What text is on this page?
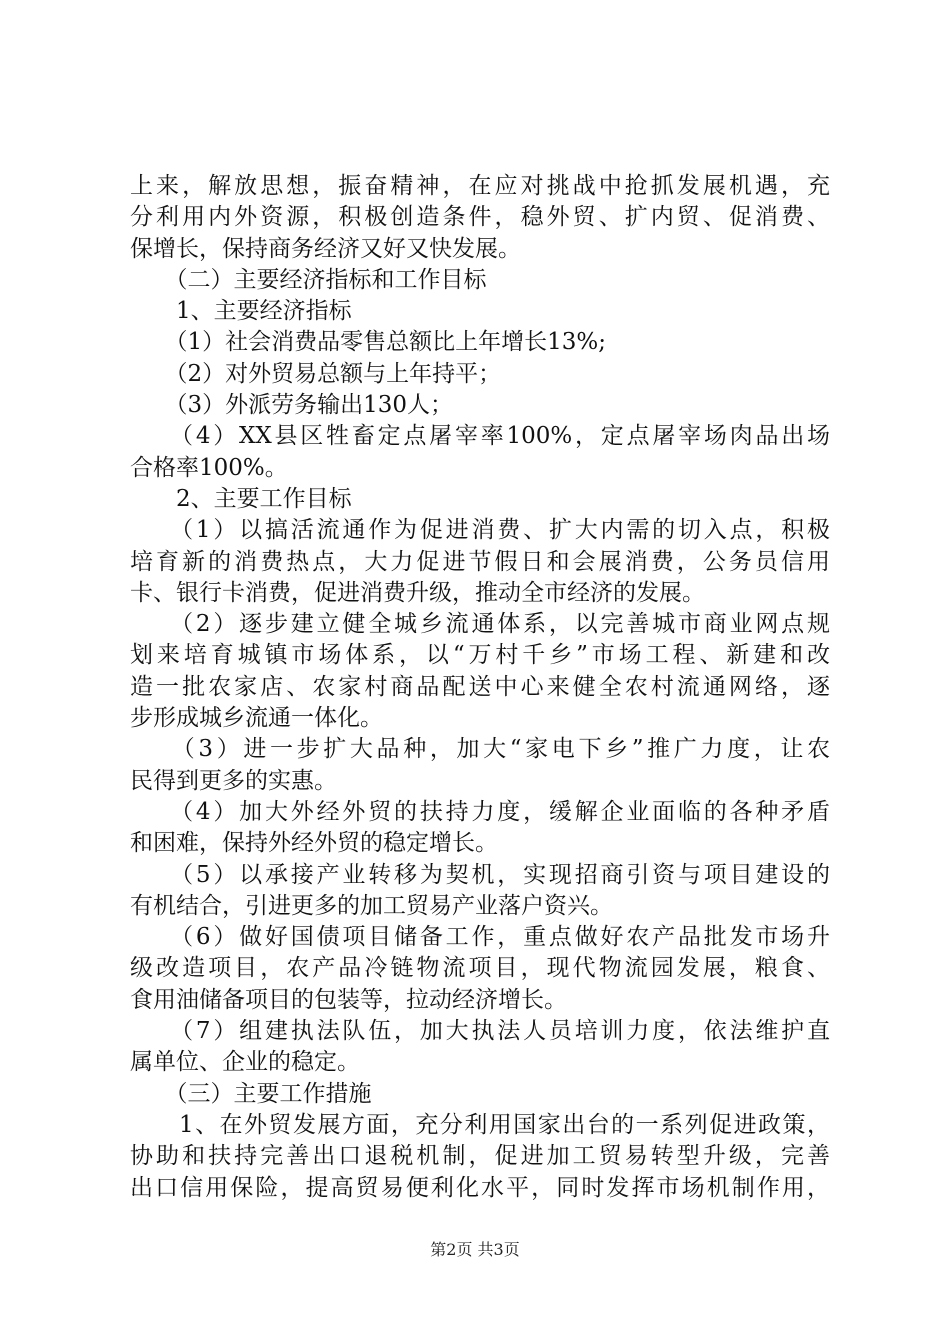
上来，解放思想，振奋精神，在应对挑战中抢抓发展机遇，充
分利用内外资源，积极创造条件，稳外贸、扩内贸、促消费、
保增长，保持商务经济又好又快发展。
　　（二）主要经济指标和工作目标
　　1、主要经济指标
　　（1）社会消费品零售总额比上年增长13%;
　　（2）对外贸易总额与上年持平；
　　（3）外派劳务输出130人；
　　（4）XX县区牲畜定点屠宰率100%，定点屠宰场肉品出场
合格率100%。
　　2、主要工作目标
　　（1）以搞活流通作为促进消费、扩大内需的切入点，积极
培育新的消费热点，大力促进节假日和会展消费，公务员信用
卡、银行卡消费，促进消费升级，推动全市经济的发展。
　　（2）逐步建立健全城乡流通体系，以完善城市商业网点规
划来培育城镇市场体系，以“万村千乡”市场工程、新建和改
造一批农家店、农家村商品配送中心来健全农村流通网络，逐
步形成城乡流通一体化。
　　（3）进一步扩大品种，加大“家电下乡”推广力度，让农
民得到更多的实惠。
　　（4）加大外经外贸的扶持力度，缓解企业面临的各种矛盾
和困难，保持外经外贸的稳定增长。
　　（5）以承接产业转移为契机，实现招商引资与项目建设的
有机结合，引进更多的加工贸易产业落户资兴。
　　（6）做好国债项目储备工作，重点做好农产品批发市场升
级改造项目，农产品冷链物流项目，现代物流园发展，粮食、
食用油储备项目的包装等，拉动经济增长。
　　（7）组建执法队伍，加大执法人员培训力度，依法维护直
属单位、企业的稳定。
　　（三）主要工作措施
　　1、在外贸发展方面，充分利用国家出台的一系列促进政策，
协助和扶持完善出口退税机制，促进加工贸易转型升级，完善
出口信用保险，提高贸易便利化水平，同时发挥市场机制作用，
第2页 共3页
